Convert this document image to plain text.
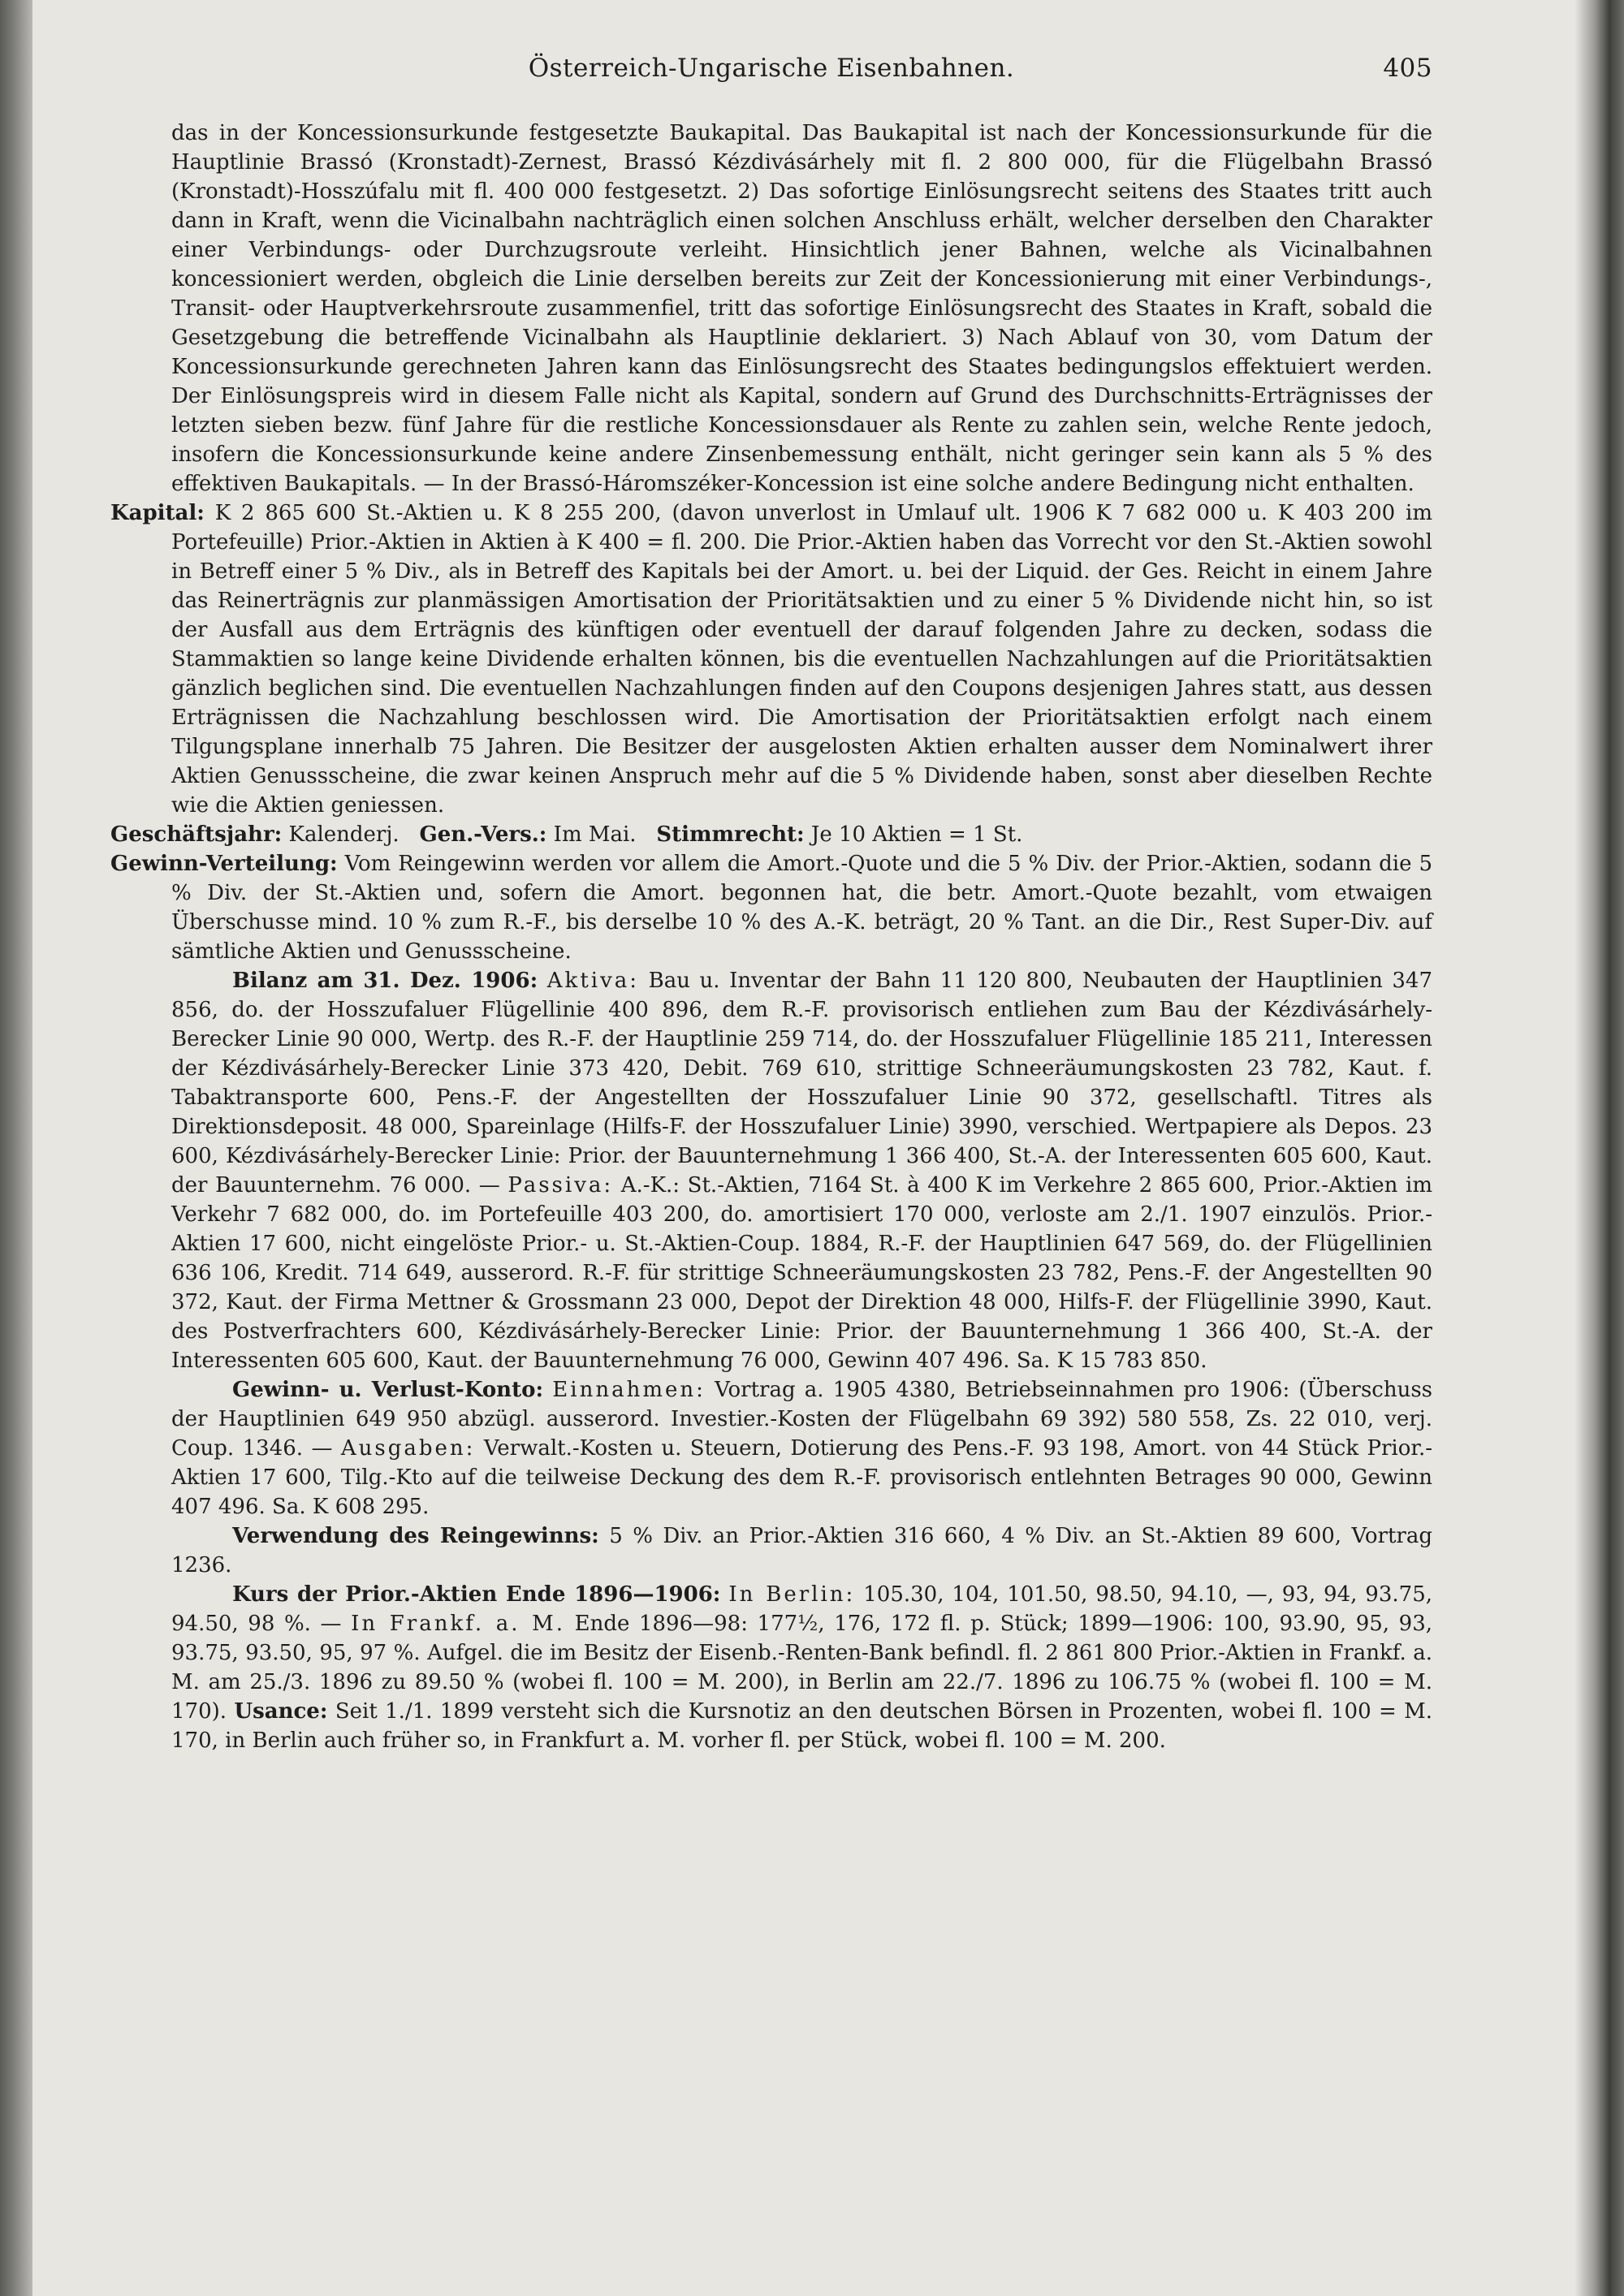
Österreich-Ungarische Eisenbahnen.	405

das in der Koncessionsurkunde festgesetzte Baukapital. Das Baukapital ist nach der Koncessionsurkunde für die Hauptlinie Brassó (Kronstadt)-Zernest, Brassó Kézdivásárhely mit fl. 2 800 000, für die Flügelbahn Brassó (Kronstadt)-Hosszúfalu mit fl. 400 000 festgesetzt. 2) Das sofortige Einlösungsrecht seitens des Staates tritt auch dann in Kraft, wenn die Vicinalbahn nachträglich einen solchen Anschluss erhält, welcher derselben den Charakter einer Verbindungs- oder Durchzugsroute verleiht. Hinsichtlich jener Bahnen, welche als Vicinalbahnen koncessioniert werden, obgleich die Linie derselben bereits zur Zeit der Koncessionierung mit einer Verbindungs-, Transit- oder Hauptverkehrsroute zusammenfiel, tritt das sofortige Einlösungsrecht des Staates in Kraft, sobald die Gesetzgebung die betreffende Vicinalbahn als Hauptlinie deklariert. 3) Nach Ablauf von 30, vom Datum der Koncessionsurkunde gerechneten Jahren kann das Einlösungsrecht des Staates bedingungslos effektuiert werden. Der Einlösungspreis wird in diesem Falle nicht als Kapital, sondern auf Grund des Durchschnitts-Erträgnisses der letzten sieben bezw. fünf Jahre für die restliche Koncessionsdauer als Rente zu zahlen sein, welche Rente jedoch, insofern die Koncessionsurkunde keine andere Zinsenbemessung enthält, nicht geringer sein kann als 5 % des effektiven Baukapitals. — In der Brassó-Háromszéker-Koncession ist eine solche andere Bedingung nicht enthalten.

Kapital: K 2 865 600 St.-Aktien u. K 8 255 200, (davon unverlost in Umlauf ult. 1906 K 7 682 000 u. K 403 200 im Portefeuille) Prior.-Aktien in Aktien à K 400 = fl. 200. Die Prior.-Aktien haben das Vorrecht vor den St.-Aktien sowohl in Betreff einer 5 % Div., als in Betreff des Kapitals bei der Amort. u. bei der Liquid. der Ges. Reicht in einem Jahre das Reinerträgnis zur planmässigen Amortisation der Prioritätsaktien und zu einer 5 % Dividende nicht hin, so ist der Ausfall aus dem Erträgnis des künftigen oder eventuell der darauf folgenden Jahre zu decken, sodass die Stammaktien so lange keine Dividende erhalten können, bis die eventuellen Nachzahlungen auf die Prioritätsaktien gänzlich beglichen sind. Die eventuellen Nachzahlungen finden auf den Coupons desjenigen Jahres statt, aus dessen Erträgnissen die Nachzahlung beschlossen wird. Die Amortisation der Prioritätsaktien erfolgt nach einem Tilgungsplane innerhalb 75 Jahren. Die Besitzer der ausgelosten Aktien erhalten ausser dem Nominalwert ihrer Aktien Genussscheine, die zwar keinen Anspruch mehr auf die 5 % Dividende haben, sonst aber dieselben Rechte wie die Aktien geniessen.

Geschäftsjahr: Kalenderj. Gen.-Vers.: Im Mai. Stimmrecht: Je 10 Aktien = 1 St.

Gewinn-Verteilung: Vom Reingewinn werden vor allem die Amort.-Quote und die 5 % Div. der Prior.-Aktien, sodann die 5 % Div. der St.-Aktien und, sofern die Amort. begonnen hat, die betr. Amort.-Quote bezahlt, vom etwaigen Überschusse mind. 10 % zum R.-F., bis derselbe 10 % des A.-K. beträgt, 20 % Tant. an die Dir., Rest Super-Div. auf sämtliche Aktien und Genussscheine.

Bilanz am 31. Dez. 1906: Aktiva: Bau u. Inventar der Bahn 11 120 800, Neubauten der Hauptlinien 347 856, do. der Hosszufaluer Flügellinie 400 896, dem R.-F. provisorisch entliehen zum Bau der Kézdivásárhely-Berecker Linie 90 000, Wertp. des R.-F. der Hauptlinie 259 714, do. der Hosszufaluer Flügellinie 185 211, Interessen der Kézdivásárhely-Berecker Linie 373 420, Debit. 769 610, strittige Schneeräumungskosten 23 782, Kaut. f. Tabaktransporte 600, Pens.-F. der Angestellten der Hosszufaluer Linie 90 372, gesellschaftl. Titres als Direktionsdeposit. 48 000, Spareinlage (Hilfs-F. der Hosszufaluer Linie) 3990, verschied. Wertpapiere als Depos. 23 600, Kézdivásárhely-Berecker Linie: Prior. der Bauunternehmung 1 366 400, St.-A. der Interessenten 605 600, Kaut. der Bauunternehm. 76 000. — Passiva: A.-K.: St.-Aktien, 7164 St. à 400 K im Verkehre 2 865 600, Prior.-Aktien im Verkehr 7 682 000, do. im Portefeuille 403 200, do. amortisiert 170 000, verloste am 2./1. 1907 einzulös. Prior.-Aktien 17 600, nicht eingelöste Prior.- u. St.-Aktien-Coup. 1884, R.-F. der Hauptlinien 647 569, do. der Flügellinien 636 106, Kredit. 714 649, ausserord. R.-F. für strittige Schneeräumungskosten 23 782, Pens.-F. der Angestellten 90 372, Kaut. der Firma Mettner & Grossmann 23 000, Depot der Direktion 48 000, Hilfs-F. der Flügellinie 3990, Kaut. des Postverfrachters 600, Kézdivásárhely-Berecker Linie: Prior. der Bauunternehmung 1 366 400, St.-A. der Interessenten 605 600, Kaut. der Bauunternehmung 76 000, Gewinn 407 496. Sa. K 15 783 850.

Gewinn- u. Verlust-Konto: Einnahmen: Vortrag a. 1905 4380, Betriebseinnahmen pro 1906: (Überschuss der Hauptlinien 649 950 abzügl. ausserord. Investier.-Kosten der Flügelbahn 69 392) 580 558, Zs. 22 010, verj. Coup. 1346. — Ausgaben: Verwalt.-Kosten u. Steuern, Dotierung des Pens.-F. 93 198, Amort. von 44 Stück Prior.-Aktien 17 600, Tilg.-Kto auf die teilweise Deckung des dem R.-F. provisorisch entlehnten Betrages 90 000, Gewinn 407 496. Sa. K 608 295.

Verwendung des Reingewinns: 5 % Div. an Prior.-Aktien 316 660, 4 % Div. an St.-Aktien 89 600, Vortrag 1236.

Kurs der Prior.-Aktien Ende 1896—1906: In Berlin: 105.30, 104, 101.50, 98.50, 94.10, —, 93, 94, 93.75, 94.50, 98 %. — In Frankf. a. M. Ende 1896—98: 177½, 176, 172 fl. p. Stück; 1899—1906: 100, 93.90, 95, 93, 93.75, 93.50, 95, 97 %. Aufgel. die im Besitz der Eisenb.-Renten-Bank befindl. fl. 2 861 800 Prior.-Aktien in Frankf. a. M. am 25./3. 1896 zu 89.50 % (wobei fl. 100 = M. 200), in Berlin am 22./7. 1896 zu 106.75 % (wobei fl. 100 = M. 170). Usance: Seit 1./1. 1899 versteht sich die Kursnotiz an den deutschen Börsen in Prozenten, wobei fl. 100 = M. 170, in Berlin auch früher so, in Frankfurt a. M. vorher fl. per Stück, wobei fl. 100 = M. 200.
